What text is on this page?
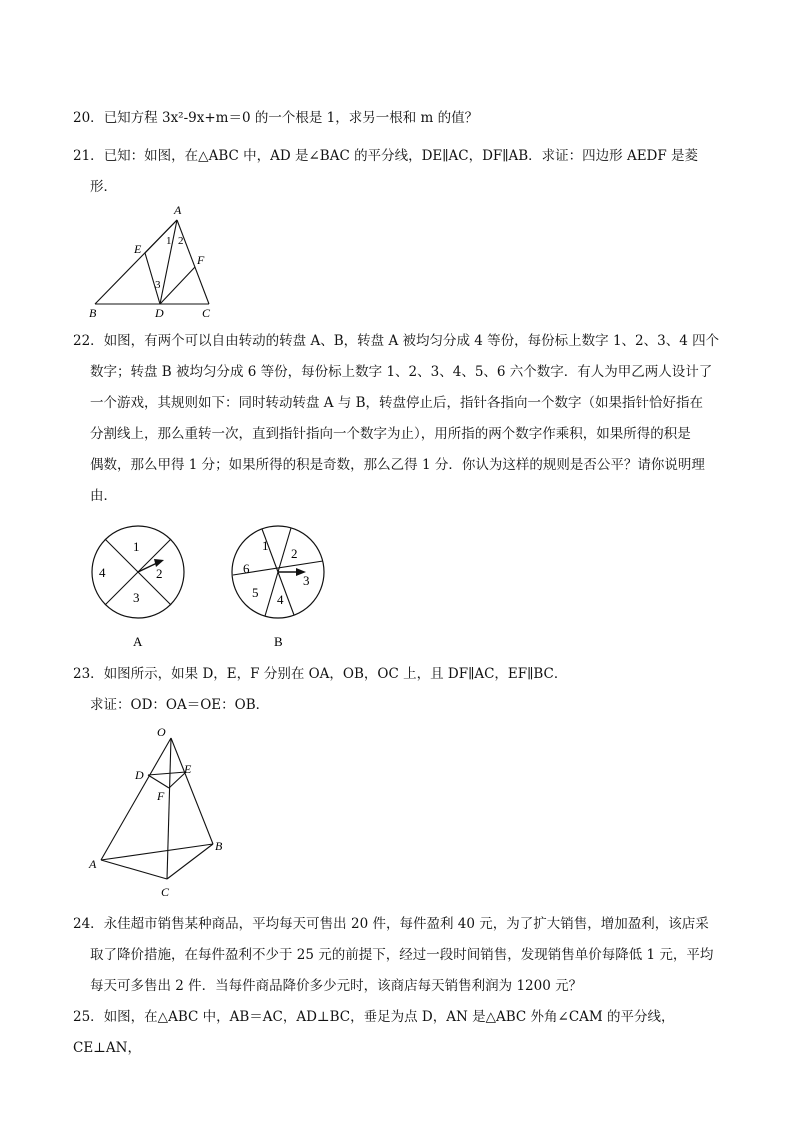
20．已知方程 3x²-9x+m＝0 的一个根是 1，求另一根和 m 的值？
21．已知：如图，在△ABC 中，AD 是∠BAC 的平分线，DE∥AC，DF∥AB．求证：四边形 AEDF 是菱
形．
A
B	C
D
E
F
1 2
3
22．如图，有两个可以自由转动的转盘 A、B，转盘 A 被均匀分成 4 等份，每份标上数字 1、2、3、4 四个
数字；转盘 B 被均匀分成 6 等份，每份标上数字 1、2、3、4、5、6 六个数字．有人为甲乙两人设计了
一个游戏，其规则如下：同时转动转盘 A 与 B，转盘停止后，指针各指向一个数字（如果指针恰好指在
分割线上，那么重转一次，直到指针指向一个数字为止），用所指的两个数字作乘积，如果所得的积是
偶数，那么甲得 1 分；如果所得的积是奇数，那么乙得 1 分．你认为这样的规则是否公平？请你说明理
由．
1
2
3
4
A
1
2
3
4
5
6
B
23．如图所示，如果 D，E，F 分别在 OA，OB，OC 上，且 DF∥AC，EF∥BC．
求证：OD：OA＝OE：OB．
O
D	E
F
A
B
C
24．永佳超市销售某种商品，平均每天可售出 20 件，每件盈利 40 元，为了扩大销售，增加盈利，该店采
取了降价措施，在每件盈利不少于 25 元的前提下，经过一段时间销售，发现销售单价每降低 1 元，平均
每天可多售出 2 件．当每件商品降价多少元时，该商店每天销售利润为 1200 元？
25．如图，在△ABC 中，AB＝AC，AD⊥BC，垂足为点 D，AN 是△ABC 外角∠CAM 的平分线，CE⊥AN，
